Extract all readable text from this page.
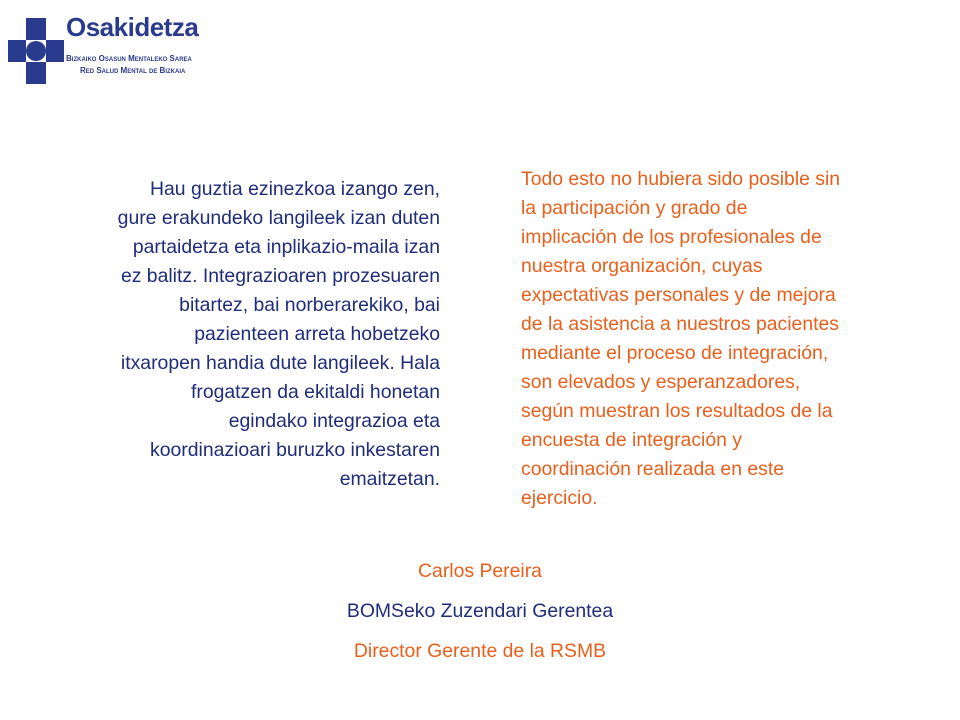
Osakidetza
Bizkaiko Osasun Mentaleko Sarea
Red Salud Mental de Bizkaia
Hau guztia ezinezkoa izango zen,
gure erakundeko langileek izan duten
partaidetza eta inplikazio-maila izan
ez balitz. Integrazioaren prozesuaren
bitartez, bai norberarekiko, bai
pazienteen arreta hobetzeko
itxaropen handia dute langileek. Hala
frogatzen da ekitaldi honetan
egindako integrazioa eta
koordinazioari buruzko inkestaren
emaitzetan.
Todo esto no hubiera sido posible sin
la participación y grado de
implicación de los profesionales de
nuestra organización, cuyas
expectativas personales y de mejora
de la asistencia a nuestros pacientes
mediante el proceso de integración,
son elevados y esperanzadores,
según muestran los resultados de la
encuesta de integración y
coordinación realizada en este
ejercicio.
Carlos Pereira
BOMSeko Zuzendari Gerentea
Director Gerente de la RSMB
